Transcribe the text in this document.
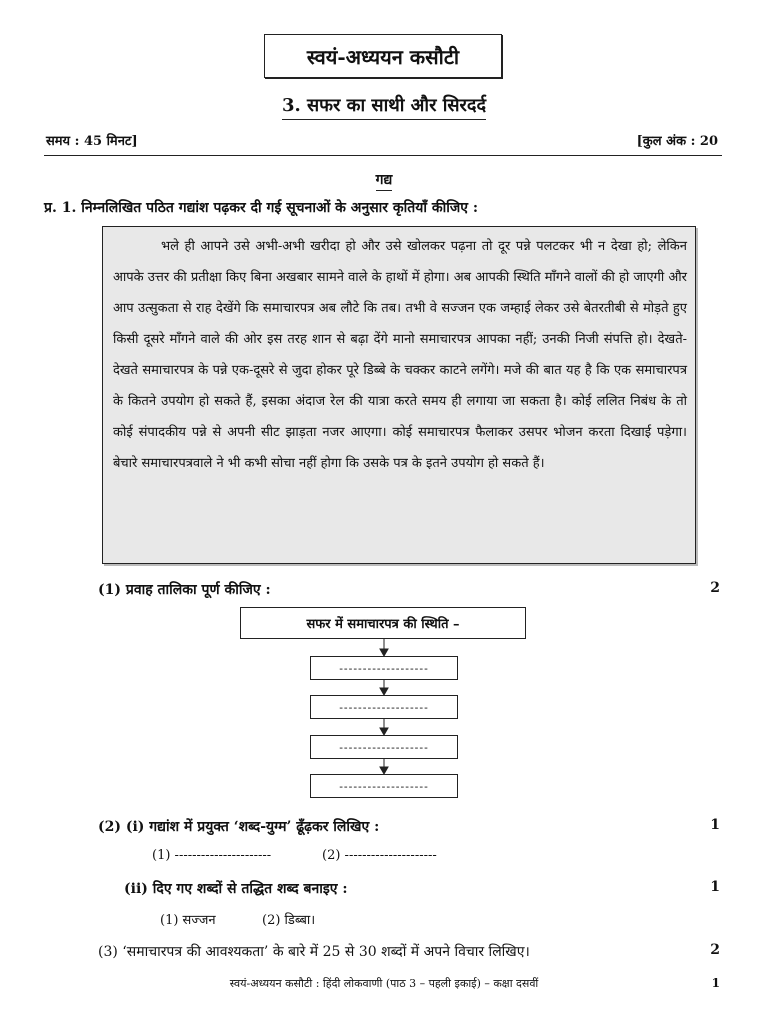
स्वयं-अध्ययन कसौटी
3. सफर का साथी और सिरदर्द
समय : 45 मिनट]	[कुल अंक : 20
गद्य
प्र. 1. निम्नलिखित पठित गद्यांश पढ़कर दी गई सूचनाओं के अनुसार कृतियाँ कीजिए :

भले ही आपने उसे अभी-अभी खरीदा हो और उसे खोलकर पढ़ना तो दूर पन्ने पलटकर भी न देखा हो; लेकिन आपके उत्तर की प्रतीक्षा किए बिना अखबार सामने वाले के हाथों में होगा। अब आपकी स्थिति माँगने वालों की हो जाएगी और आप उत्सुकता से राह देखेंगे कि समाचारपत्र अब लौटे कि तब। तभी वे सज्जन एक जम्हाई लेकर उसे बेतरतीबी से मोड़ते हुए किसी दूसरे माँगने वाले की ओर इस तरह शान से बढ़ा देंगे मानो समाचारपत्र आपका नहीं; उनकी निजी संपत्ति हो। देखते-देखते समाचारपत्र के पन्ने एक-दूसरे से जुदा होकर पूरे डिब्बे के चक्कर काटने लगेंगे। मजे की बात यह है कि एक समाचारपत्र के कितने उपयोग हो सकते हैं, इसका अंदाज रेल की यात्रा करते समय ही लगाया जा सकता है। कोई ललित निबंध के तो कोई संपादकीय पन्ने से अपनी सीट झाड़ता नजर आएगा। कोई समाचारपत्र फैलाकर उसपर भोजन करता दिखाई पड़ेगा। बेचारे समाचारपत्रवाले ने भी कभी सोचा नहीं होगा कि उसके पत्र के इतने उपयोग हो सकते हैं।

(1) प्रवाह तालिका पूर्ण कीजिए :	2
सफर में समाचारपत्र की स्थिति –
-------------------
-------------------
-------------------
-------------------
(2) (i) गद्यांश में प्रयुक्त ‘शब्द-युग्म’ ढूँढ़कर लिखिए :	1
(1) ----------------------	(2) ---------------------
(ii) दिए गए शब्दों से तद्धित शब्द बनाइए :	1
(1) सज्जन	(2) डिब्बा।
(3) ‘समाचारपत्र की आवश्यकता’ के बारे में 25 से 30 शब्दों में अपने विचार लिखिए।	2
स्वयं-अध्ययन कसौटी : हिंदी लोकवाणी (पाठ 3 – पहली इकाई) – कक्षा दसवीं	1
